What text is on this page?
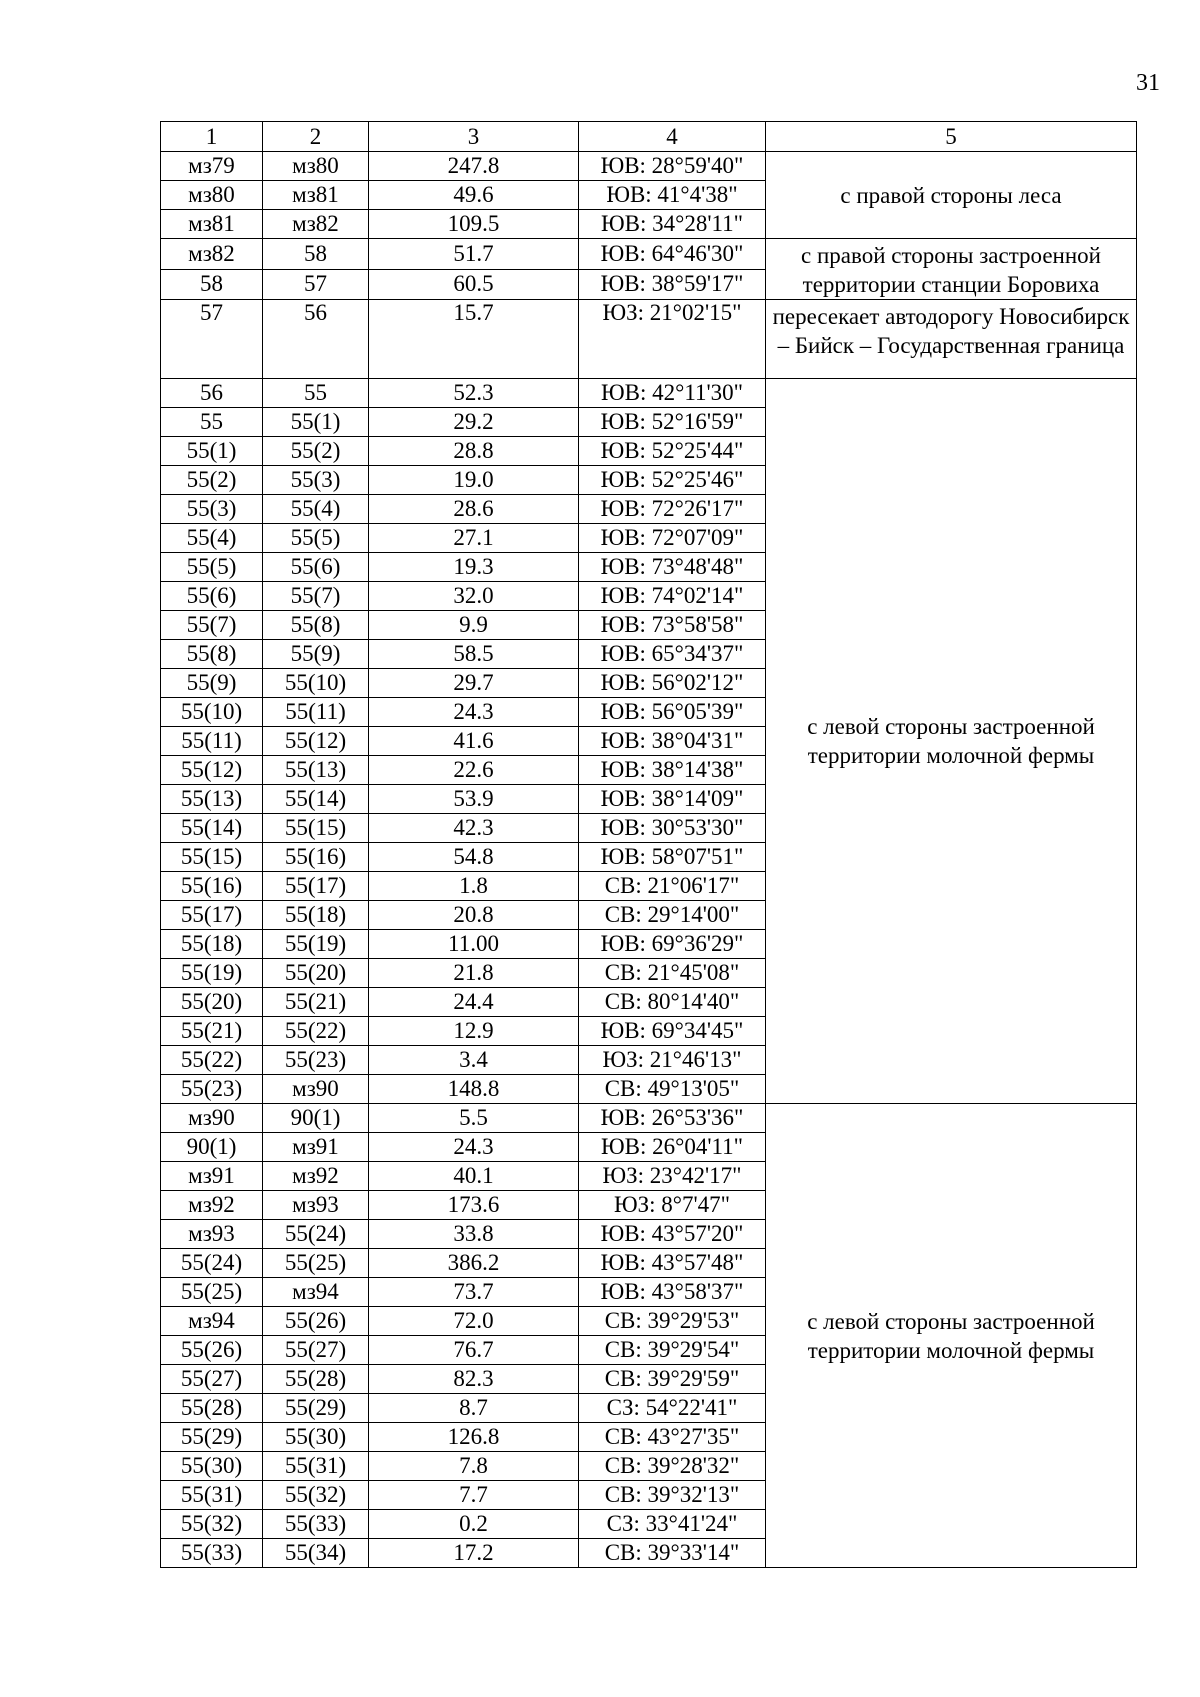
31
1	2	3	4	5
мз79	мз80	247.8	ЮВ: 28°59'40"	с правой стороны леса
мз80	мз81	49.6	ЮВ: 41°4'38"	
мз81	мз82	109.5	ЮВ: 34°28'11"	
мз82	58	51.7	ЮВ: 64°46'30"	с правой стороны застроенной территории станции Боровиха
58	57	60.5	ЮВ: 38°59'17"	
57	56	15.7	ЮЗ: 21°02'15"	пересекает автодорогу Новосибирск – Бийск – Государственная граница
56	55	52.3	ЮВ: 42°11'30"	с левой стороны застроенной территории молочной фермы
55	55(1)	29.2	ЮВ: 52°16'59"	
55(1)	55(2)	28.8	ЮВ: 52°25'44"	
55(2)	55(3)	19.0	ЮВ: 52°25'46"	
55(3)	55(4)	28.6	ЮВ: 72°26'17"	
55(4)	55(5)	27.1	ЮВ: 72°07'09"	
55(5)	55(6)	19.3	ЮВ: 73°48'48"	
55(6)	55(7)	32.0	ЮВ: 74°02'14"	
55(7)	55(8)	9.9	ЮВ: 73°58'58"	
55(8)	55(9)	58.5	ЮВ: 65°34'37"	
55(9)	55(10)	29.7	ЮВ: 56°02'12"	
55(10)	55(11)	24.3	ЮВ: 56°05'39"	
55(11)	55(12)	41.6	ЮВ: 38°04'31"	
55(12)	55(13)	22.6	ЮВ: 38°14'38"	
55(13)	55(14)	53.9	ЮВ: 38°14'09"	
55(14)	55(15)	42.3	ЮВ: 30°53'30"	
55(15)	55(16)	54.8	ЮВ: 58°07'51"	
55(16)	55(17)	1.8	СВ: 21°06'17"	
55(17)	55(18)	20.8	СВ: 29°14'00"	
55(18)	55(19)	11.00	ЮВ: 69°36'29"	
55(19)	55(20)	21.8	СВ: 21°45'08"	
55(20)	55(21)	24.4	СВ: 80°14'40"	
55(21)	55(22)	12.9	ЮВ: 69°34'45"	
55(22)	55(23)	3.4	ЮЗ: 21°46'13"	
55(23)	мз90	148.8	СВ: 49°13'05"	
мз90	90(1)	5.5	ЮВ: 26°53'36"	с левой стороны застроенной территории молочной фермы
90(1)	мз91	24.3	ЮВ: 26°04'11"	
мз91	мз92	40.1	ЮЗ: 23°42'17"	
мз92	мз93	173.6	ЮЗ: 8°7'47"	
мз93	55(24)	33.8	ЮВ: 43°57'20"	
55(24)	55(25)	386.2	ЮВ: 43°57'48"	
55(25)	мз94	73.7	ЮВ: 43°58'37"	
мз94	55(26)	72.0	СВ: 39°29'53"	
55(26)	55(27)	76.7	СВ: 39°29'54"	
55(27)	55(28)	82.3	СВ: 39°29'59"	
55(28)	55(29)	8.7	СЗ: 54°22'41"	
55(29)	55(30)	126.8	СВ: 43°27'35"	
55(30)	55(31)	7.8	СВ: 39°28'32"	
55(31)	55(32)	7.7	СВ: 39°32'13"	
55(32)	55(33)	0.2	СЗ: 33°41'24"	
55(33)	55(34)	17.2	СВ: 39°33'14"	
